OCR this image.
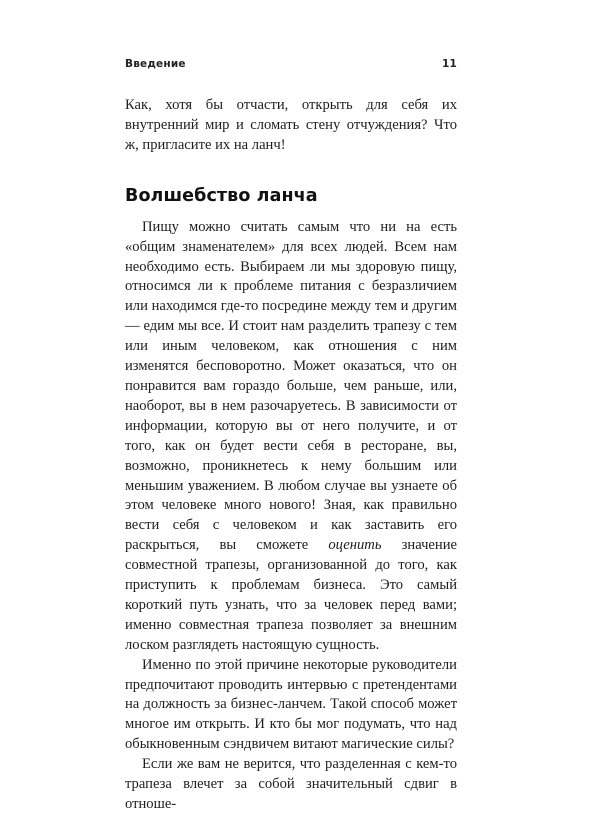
Введение	11

Как, хотя бы отчасти, открыть для себя их внутренний мир и сломать стену отчуждения? Что ж, пригласите их на ланч!

Волшебство ланча

Пищу можно считать самым что ни на есть «общим знаменателем» для всех людей. Всем нам необходимо есть. Выбираем ли мы здоровую пищу, относимся ли к проблеме питания с безразличием или находимся где-то посредине между тем и другим — едим мы все. И стоит нам разделить трапезу с тем или иным человеком, как отношения с ним изменятся бесповоротно. Может оказаться, что он понравится вам гораздо больше, чем раньше, или, наоборот, вы в нем разочаруетесь. В зависимости от информации, которую вы от него получите, и от того, как он будет вести себя в ресторане, вы, возможно, проникнетесь к нему большим или меньшим уважением. В любом случае вы узнаете об этом человеке много нового! Зная, как правильно вести себя с человеком и как заставить его раскрыться, вы сможете оценить значение совместной трапезы, организованной до того, как приступить к проблемам бизнеса. Это самый короткий путь узнать, что за человек перед вами; именно совместная трапеза позволяет за внешним лоском разглядеть настоящую сущность.

Именно по этой причине некоторые руководители предпочитают проводить интервью с претендентами на должность за бизнес-ланчем. Такой способ может многое им открыть. И кто бы мог подумать, что над обыкновенным сэндвичем витают магические силы?

Если же вам не верится, что разделенная с кем-то трапеза влечет за собой значительный сдвиг в отноше-
